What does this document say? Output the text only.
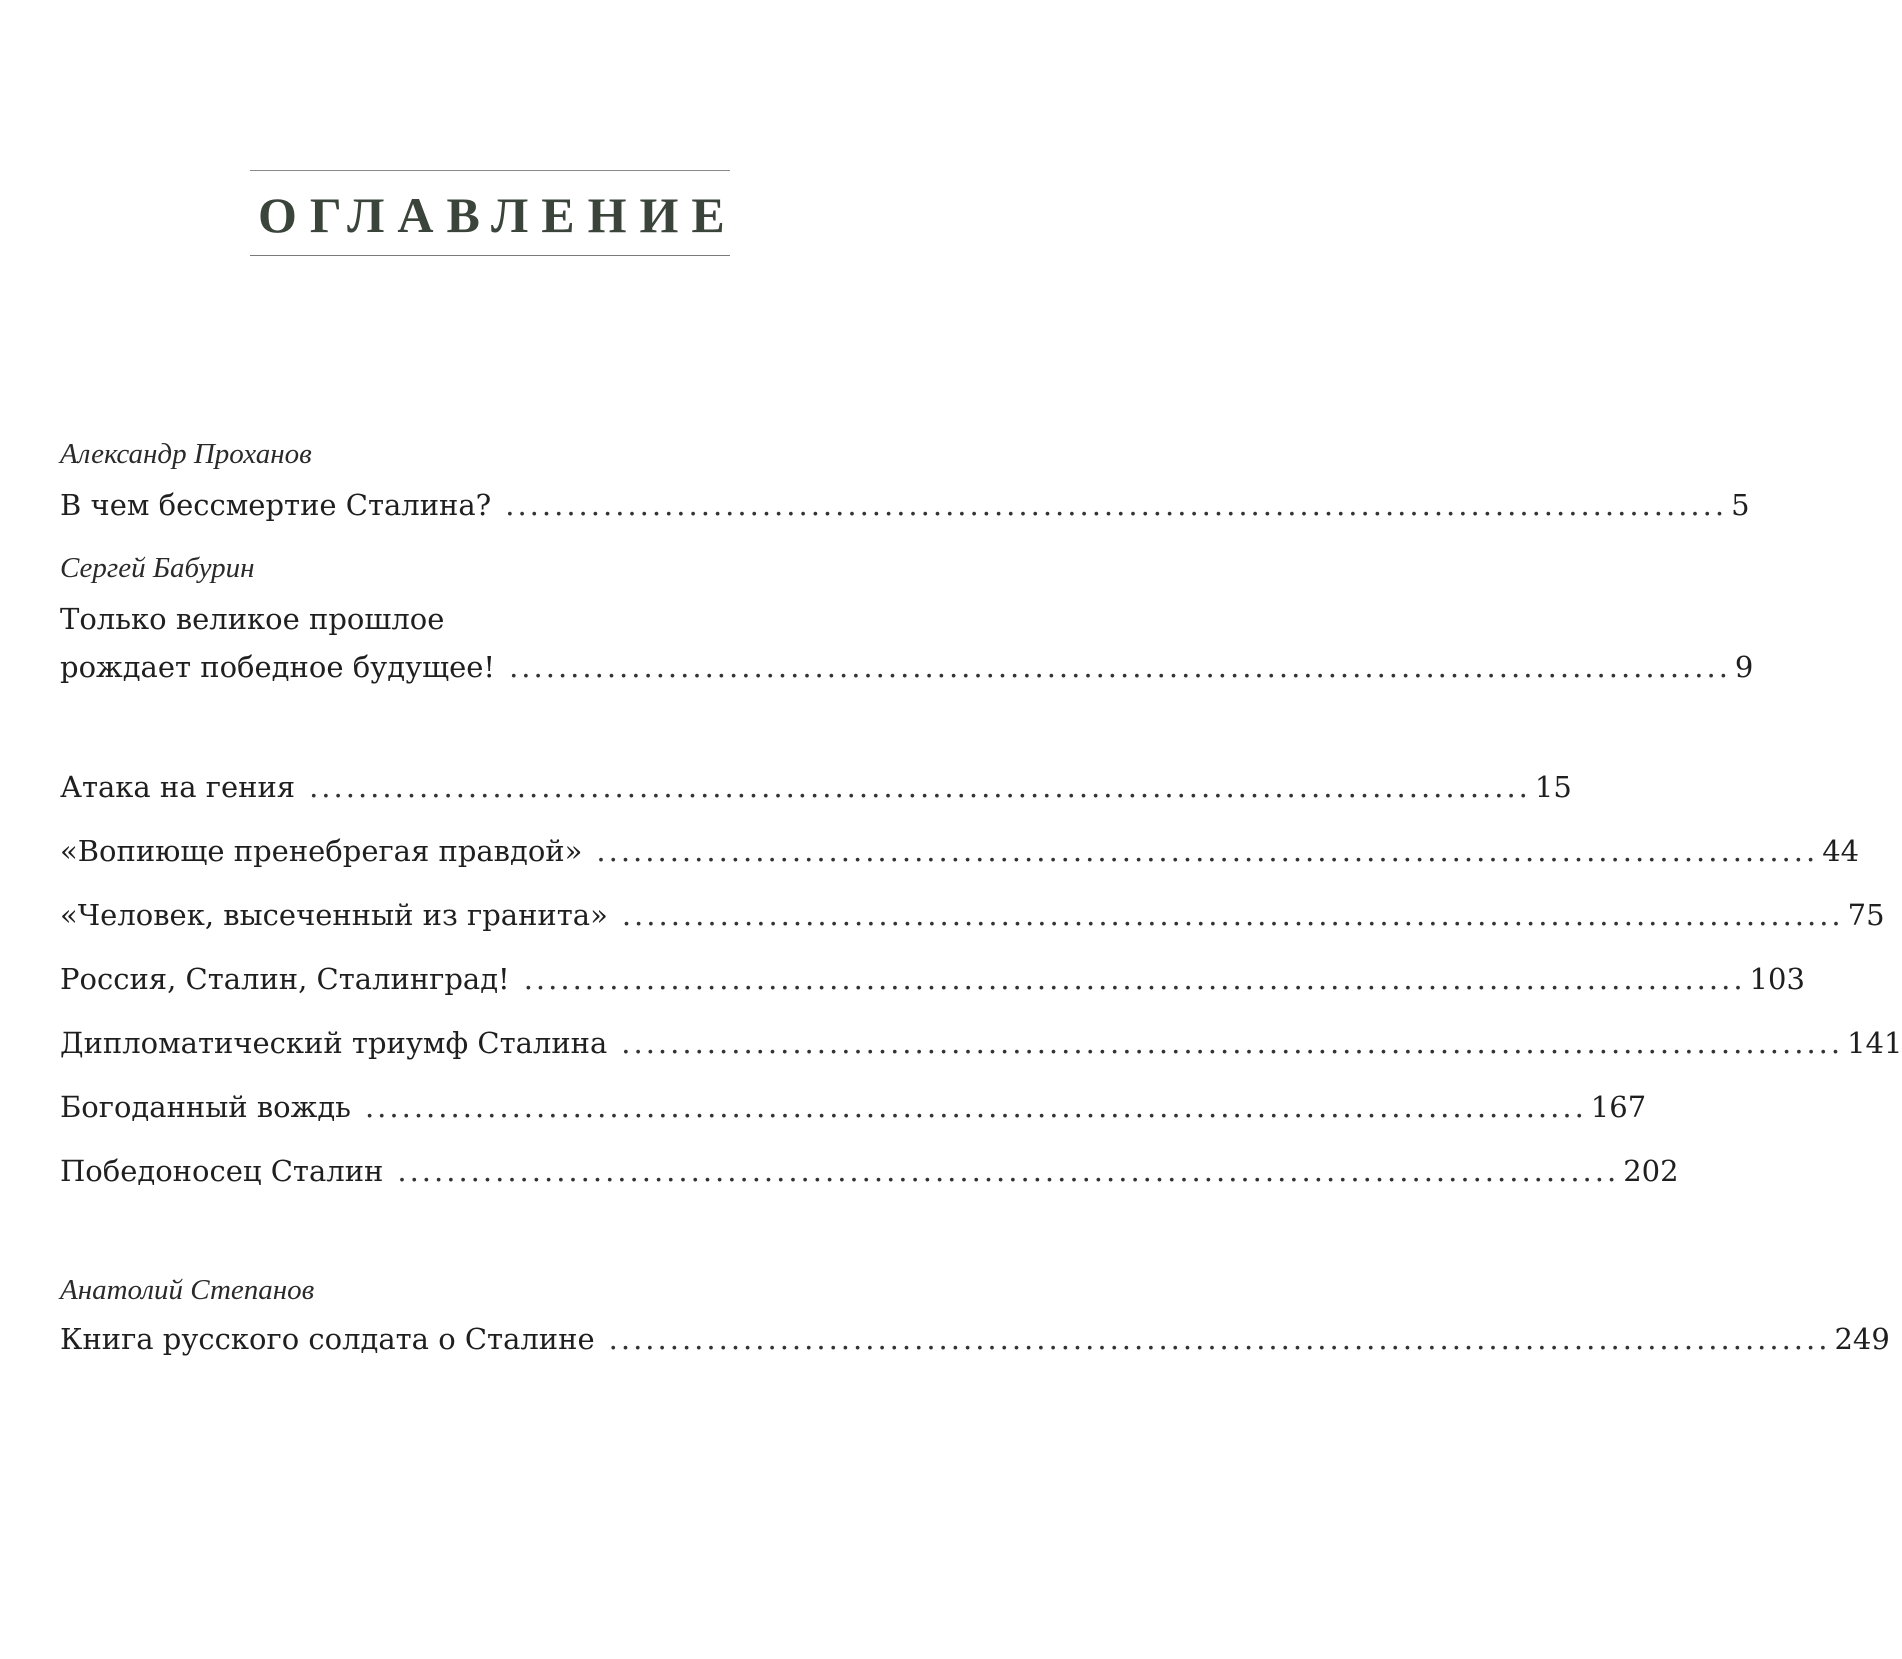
ОГЛАВЛЕНИЕ
Александр Проханов
В чем бессмертие Сталина? .................................................................................................... 5
Сергей Бабурин
Только великое прошлое
рождает победное будущее! .................................................................................................... 9
Атака на гения .................................................................................................... 15
«Вопиюще пренебрегая правдой» .................................................................................................... 44
«Человек, высеченный из гранита» .................................................................................................... 75
Россия, Сталин, Сталинград! .................................................................................................... 103
Дипломатический триумф Сталина .................................................................................................... 141
Богоданный вождь .................................................................................................... 167
Победоносец Сталин .................................................................................................... 202
Анатолий Степанов
Книга русского солдата о Сталине .................................................................................................... 249
